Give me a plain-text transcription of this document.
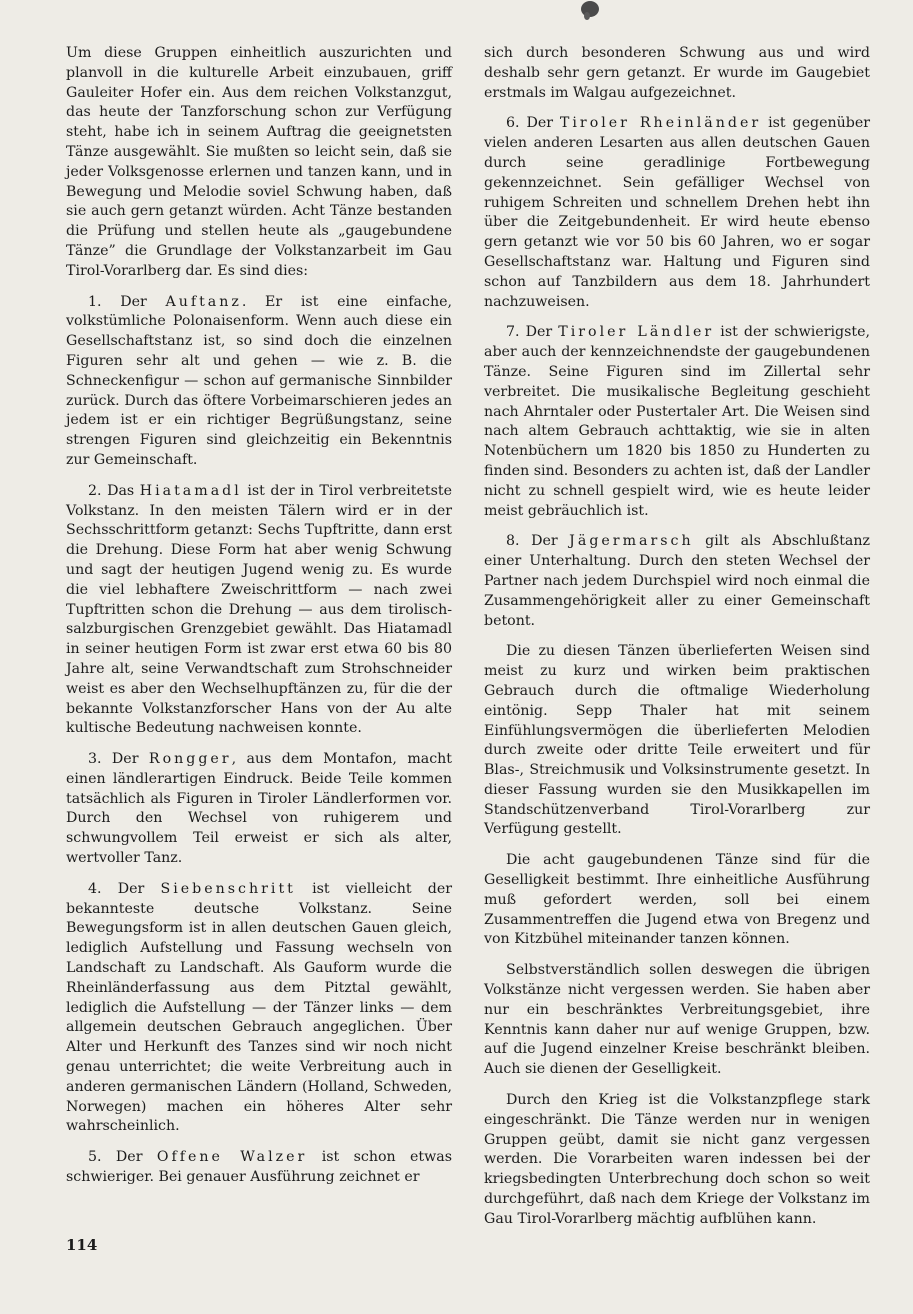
Um diese Gruppen einheitlich auszurichten und planvoll in die kulturelle Arbeit einzubauen, griff Gauleiter Hofer ein. Aus dem reichen Volkstanzgut, das heute der Tanzforschung schon zur Verfügung steht, habe ich in seinem Auftrag die geeignetsten Tänze ausgewählt. Sie mußten so leicht sein, daß sie jeder Volksgenosse erlernen und tanzen kann, und in Bewegung und Melodie soviel Schwung haben, daß sie auch gern getanzt würden. Acht Tänze bestanden die Prüfung und stellen heute als „gaugebundene Tänze” die Grundlage der Volkstanzarbeit im Gau Tirol-Vorarlberg dar. Es sind dies:

1. Der Auftanz. Er ist eine einfache, volkstümliche Polonaisenform. Wenn auch diese ein Gesellschaftstanz ist, so sind doch die einzelnen Figuren sehr alt und gehen — wie z. B. die Schneckenfigur — schon auf germanische Sinnbilder zurück. Durch das öftere Vorbeimarschieren jedes an jedem ist er ein richtiger Begrüßungstanz, seine strengen Figuren sind gleichzeitig ein Bekenntnis zur Gemeinschaft.

2. Das Hiatamadl ist der in Tirol verbreitetste Volkstanz. In den meisten Tälern wird er in der Sechsschrittform getanzt: Sechs Tupftritte, dann erst die Drehung. Diese Form hat aber wenig Schwung und sagt der heutigen Jugend wenig zu. Es wurde die viel lebhaftere Zweischrittform — nach zwei Tupftritten schon die Drehung — aus dem tirolisch-salzburgischen Grenzgebiet gewählt. Das Hiatamadl in seiner heutigen Form ist zwar erst etwa 60 bis 80 Jahre alt, seine Verwandtschaft zum Strohschneider weist es aber den Wechselhupftänzen zu, für die der bekannte Volkstanzforscher Hans von der Au alte kultische Bedeutung nachweisen konnte.

3. Der Rongger, aus dem Montafon, macht einen ländlerartigen Eindruck. Beide Teile kommen tatsächlich als Figuren in Tiroler Ländlerformen vor. Durch den Wechsel von ruhigerem und schwungvollem Teil erweist er sich als alter, wertvoller Tanz.

4. Der Siebenschritt ist vielleicht der bekannteste deutsche Volkstanz. Seine Bewegungsform ist in allen deutschen Gauen gleich, lediglich Aufstellung und Fassung wechseln von Landschaft zu Landschaft. Als Gauform wurde die Rheinländerfassung aus dem Pitztal gewählt, lediglich die Aufstellung — der Tänzer links — dem allgemein deutschen Gebrauch angeglichen. Über Alter und Herkunft des Tanzes sind wir noch nicht genau unterrichtet; die weite Verbreitung auch in anderen germanischen Ländern (Holland, Schweden, Norwegen) machen ein höheres Alter sehr wahrscheinlich.

5. Der Offene Walzer ist schon etwas schwieriger. Bei genauer Ausführung zeichnet er

sich durch besonderen Schwung aus und wird deshalb sehr gern getanzt. Er wurde im Gaugebiet erstmals im Walgau aufgezeichnet.

6. Der Tiroler Rheinländer ist gegenüber vielen anderen Lesarten aus allen deutschen Gauen durch seine geradlinige Fortbewegung gekennzeichnet. Sein gefälliger Wechsel von ruhigem Schreiten und schnellem Drehen hebt ihn über die Zeitgebundenheit. Er wird heute ebenso gern getanzt wie vor 50 bis 60 Jahren, wo er sogar Gesellschaftstanz war. Haltung und Figuren sind schon auf Tanzbildern aus dem 18. Jahrhundert nachzuweisen.

7. Der Tiroler Ländler ist der schwierigste, aber auch der kennzeichnendste der gaugebundenen Tänze. Seine Figuren sind im Zillertal sehr verbreitet. Die musikalische Begleitung geschieht nach Ahrntaler oder Pustertaler Art. Die Weisen sind nach altem Gebrauch achttaktig, wie sie in alten Notenbüchern um 1820 bis 1850 zu Hunderten zu finden sind. Besonders zu achten ist, daß der Landler nicht zu schnell gespielt wird, wie es heute leider meist gebräuchlich ist.

8. Der Jägermarsch gilt als Abschlußtanz einer Unterhaltung. Durch den steten Wechsel der Partner nach jedem Durchspiel wird noch einmal die Zusammengehörigkeit aller zu einer Gemeinschaft betont.

Die zu diesen Tänzen überlieferten Weisen sind meist zu kurz und wirken beim praktischen Gebrauch durch die oftmalige Wiederholung eintönig. Sepp Thaler hat mit seinem Einfühlungsvermögen die überlieferten Melodien durch zweite oder dritte Teile erweitert und für Blas-, Streichmusik und Volksinstrumente gesetzt. In dieser Fassung wurden sie den Musikkapellen im Standschützenverband Tirol-Vorarlberg zur Verfügung gestellt.

Die acht gaugebundenen Tänze sind für die Geselligkeit bestimmt. Ihre einheitliche Ausführung muß gefordert werden, soll bei einem Zusammentreffen die Jugend etwa von Bregenz und von Kitzbühel miteinander tanzen können.

Selbstverständlich sollen deswegen die übrigen Volkstänze nicht vergessen werden. Sie haben aber nur ein beschränktes Verbreitungsgebiet, ihre Kenntnis kann daher nur auf wenige Gruppen, bzw. auf die Jugend einzelner Kreise beschränkt bleiben. Auch sie dienen der Geselligkeit.

Durch den Krieg ist die Volkstanzpflege stark eingeschränkt. Die Tänze werden nur in wenigen Gruppen geübt, damit sie nicht ganz vergessen werden. Die Vorarbeiten waren indessen bei der kriegsbedingten Unterbrechung doch schon so weit durchgeführt, daß nach dem Kriege der Volkstanz im Gau Tirol-Vorarlberg mächtig aufblühen kann.

114
